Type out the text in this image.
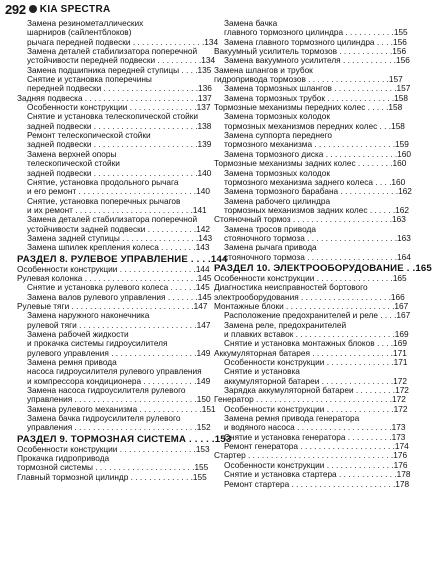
292 KIA SPECTRA
Замена резинометаллических
шарниров (сайлентблоков)
рычага передней подвески . . . . . . . . . . . . . . . .134
Замена деталей стабилизатора поперечной
устойчивости передней подвески . . . . . . . . . .134
Замена подшипника передней ступицы . . . .135
Снятие и установка поперечины
передней подвески . . . . . . . . . . . . . . . . . . . . .136
Задняя подвеска . . . . . . . . . . . . . . . . . . . . . . . . .137
Особенности конструкции . . . . . . . . . . . . . . .137
Снятие и установка телескопической стойки
задней подвески . . . . . . . . . . . . . . . . . . . . . . .138
Ремонт телескопической стойки
задней подвески . . . . . . . . . . . . . . . . . . . . . . .139
Замена верхней опоры
телескопической стойки
задней подвески . . . . . . . . . . . . . . . . . . . . . . .140
Снятие, установка продольного рычага
и его ремонт . . . . . . . . . . . . . . . . . . . . . . . . . .140
Снятие, установка поперечных рычагов
и их ремонт . . . . . . . . . . . . . . . . . . . . . . . . . .141
Замена деталей стабилизатора поперечной
устойчивости задней подвески . . . . . . . . . . .142
Замена задней ступицы . . . . . . . . . . . . . . . . .143
Замена шпилек крепления колеса . . . . . . . .143
РАЗДЕЛ 8. РУЛЕВОЕ УПРАВЛЕНИЕ . . . .144
Особенности конструкции . . . . . . . . . . . . . . . . .144
Рулевая колонка . . . . . . . . . . . . . . . . . . . . . . . . .145
Снятие и установка рулевого колеса . . . . . .145
Замена валов рулевого управления . . . . . . .145
Рулевые тяги . . . . . . . . . . . . . . . . . . . . . . . . . . .147
Замена наружного наконечника
рулевой тяги . . . . . . . . . . . . . . . . . . . . . . . . . .147
Замена рабочей жидкости
и прокачка системы гидроусилителя
рулевого управления . . . . . . . . . . . . . . . . . . .149
Замена ремня привода
насоса гидроусилителя рулевого управления
и компрессора кондиционера . . . . . . . . . . . .149
Замена насоса гидроусилителя рулевого
управления . . . . . . . . . . . . . . . . . . . . . . . . . . .150
Замена рулевого механизма . . . . . . . . . . . . . .151
Замена бачка гидроусилителя рулевого
управления . . . . . . . . . . . . . . . . . . . . . . . . . . .152
РАЗДЕЛ 9. ТОРМОЗНАЯ СИСТЕМА . . . . .153
Особенности конструкции . . . . . . . . . . . . . . . . .153
Прокачка гидропривода
тормозной системы . . . . . . . . . . . . . . . . . . . . . .155
Главный тормозной цилиндр . . . . . . . . . . . . . .155
Замена бачка
главного тормозного цилиндра . . . . . . . . . . .155
Замена главного тормозного цилиндра . . . .156
Вакуумный усилитель тормозов . . . . . . . . . . . .156
Замена вакуумного усилителя . . . . . . . . . . . .156
Замена шлангов и трубок
гидропривода тормозов . . . . . . . . . . . . . . . . . .157
Замена тормозных шлангов . . . . . . . . . . . . . .157
Замена тормозных трубок . . . . . . . . . . . . . . .158
Тормозные механизмы передних колес . . . . .158
Замена тормозных колодок
тормозных механизмов передних колес . . .158
Замена суппорта переднего
тормозного механизма . . . . . . . . . . . . . . . . . .159
Замена тормозного диска . . . . . . . . . . . . . . . .160
Тормозные механизмы задних колес . . . . . . . .160
Замена тормозных колодок
тормозного механизма заднего колеса . . . .160
Замена тормозного барабана . . . . . . . . . . . . .162
Замена рабочего цилиндра
тормозных механизмов задних колес . . . . . .162
Стояночный тормоз . . . . . . . . . . . . . . . . . . . . . .163
Замена тросов привода
стояночного тормоза . . . . . . . . . . . . . . . . . . . .163
Замена рычага привода
стояночного тормоза . . . . . . . . . . . . . . . . . . . .164
РАЗДЕЛ 10. ЭЛЕКТРООБОРУДОВАНИЕ . .165
Особенности конструкции . . . . . . . . . . . . . . . . .165
Диагностика неисправностей бортового
электрооборудования . . . . . . . . . . . . . . . . . . . .166
Монтажные блоки . . . . . . . . . . . . . . . . . . . . . . . .167
Расположение предохранителей и реле . . . .167
Замена реле, предохранителей
и плавких вставок . . . . . . . . . . . . . . . . . . . . . .169
Снятие и установка монтажных блоков . . . .169
Аккумуляторная батарея . . . . . . . . . . . . . . . . . .171
Особенности конструкции . . . . . . . . . . . . . . .171
Снятие и установка
аккумуляторной батареи . . . . . . . . . . . . . . . .172
Зарядка аккумуляторной батареи . . . . . . . . .172
Генератор . . . . . . . . . . . . . . . . . . . . . . . . . . . . . .172
Особенности конструкции . . . . . . . . . . . . . . .172
Замена ремня привода генератора
и водяного насоса . . . . . . . . . . . . . . . . . . . . .173
Снятие и установка генератора . . . . . . . . . .173
Ремонт генератора . . . . . . . . . . . . . . . . . . . . .174
Стартер . . . . . . . . . . . . . . . . . . . . . . . . . . . . . . . .176
Особенности конструкции . . . . . . . . . . . . . . .176
Снятие и установка стартера . . . . . . . . . . . . .178
Ремонт стартера . . . . . . . . . . . . . . . . . . . . . . .178
